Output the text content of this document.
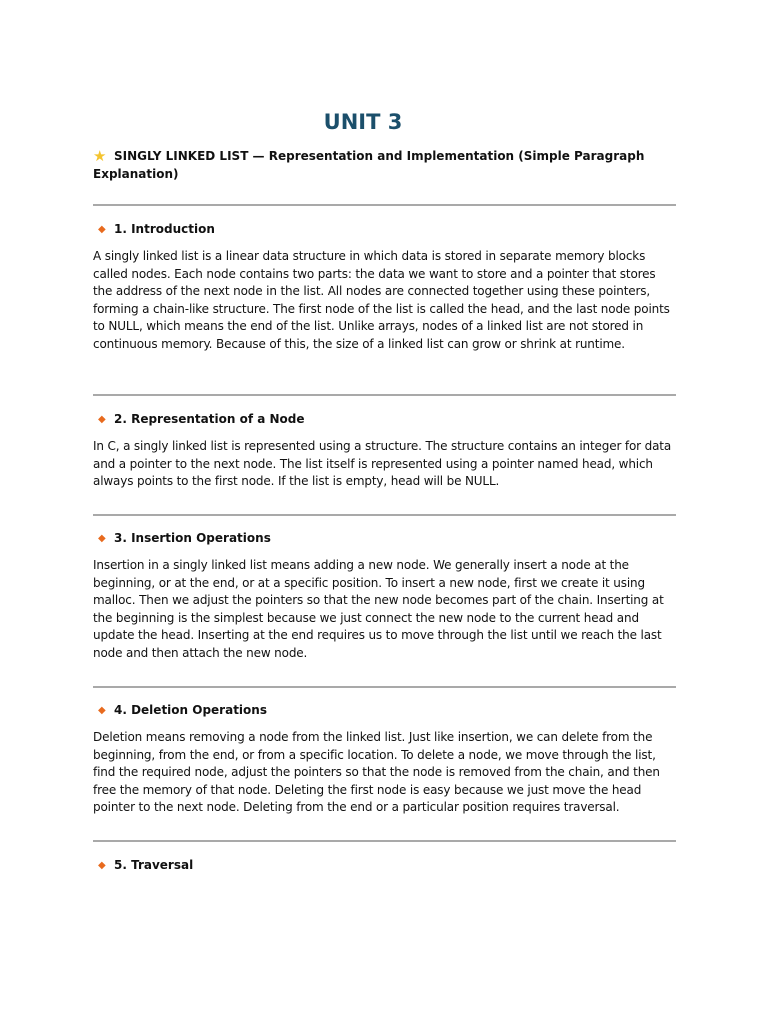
UNIT 3

★ SINGLY LINKED LIST — Representation and Implementation (Simple Paragraph Explanation)

◆ 1. Introduction

A singly linked list is a linear data structure in which data is stored in separate memory blocks called nodes. Each node contains two parts: the data we want to store and a pointer that stores the address of the next node in the list. All nodes are connected together using these pointers, forming a chain-like structure. The first node of the list is called the head, and the last node points to NULL, which means the end of the list. Unlike arrays, nodes of a linked list are not stored in continuous memory. Because of this, the size of a linked list can grow or shrink at runtime.

◆ 2. Representation of a Node

In C, a singly linked list is represented using a structure. The structure contains an integer for data and a pointer to the next node. The list itself is represented using a pointer named head, which always points to the first node. If the list is empty, head will be NULL.

◆ 3. Insertion Operations

Insertion in a singly linked list means adding a new node. We generally insert a node at the beginning, or at the end, or at a specific position. To insert a new node, first we create it using malloc. Then we adjust the pointers so that the new node becomes part of the chain. Inserting at the beginning is the simplest because we just connect the new node to the current head and update the head. Inserting at the end requires us to move through the list until we reach the last node and then attach the new node.

◆ 4. Deletion Operations

Deletion means removing a node from the linked list. Just like insertion, we can delete from the beginning, from the end, or from a specific location. To delete a node, we move through the list, find the required node, adjust the pointers so that the node is removed from the chain, and then free the memory of that node. Deleting the first node is easy because we just move the head pointer to the next node. Deleting from the end or a particular position requires traversal.

◆ 5. Traversal
